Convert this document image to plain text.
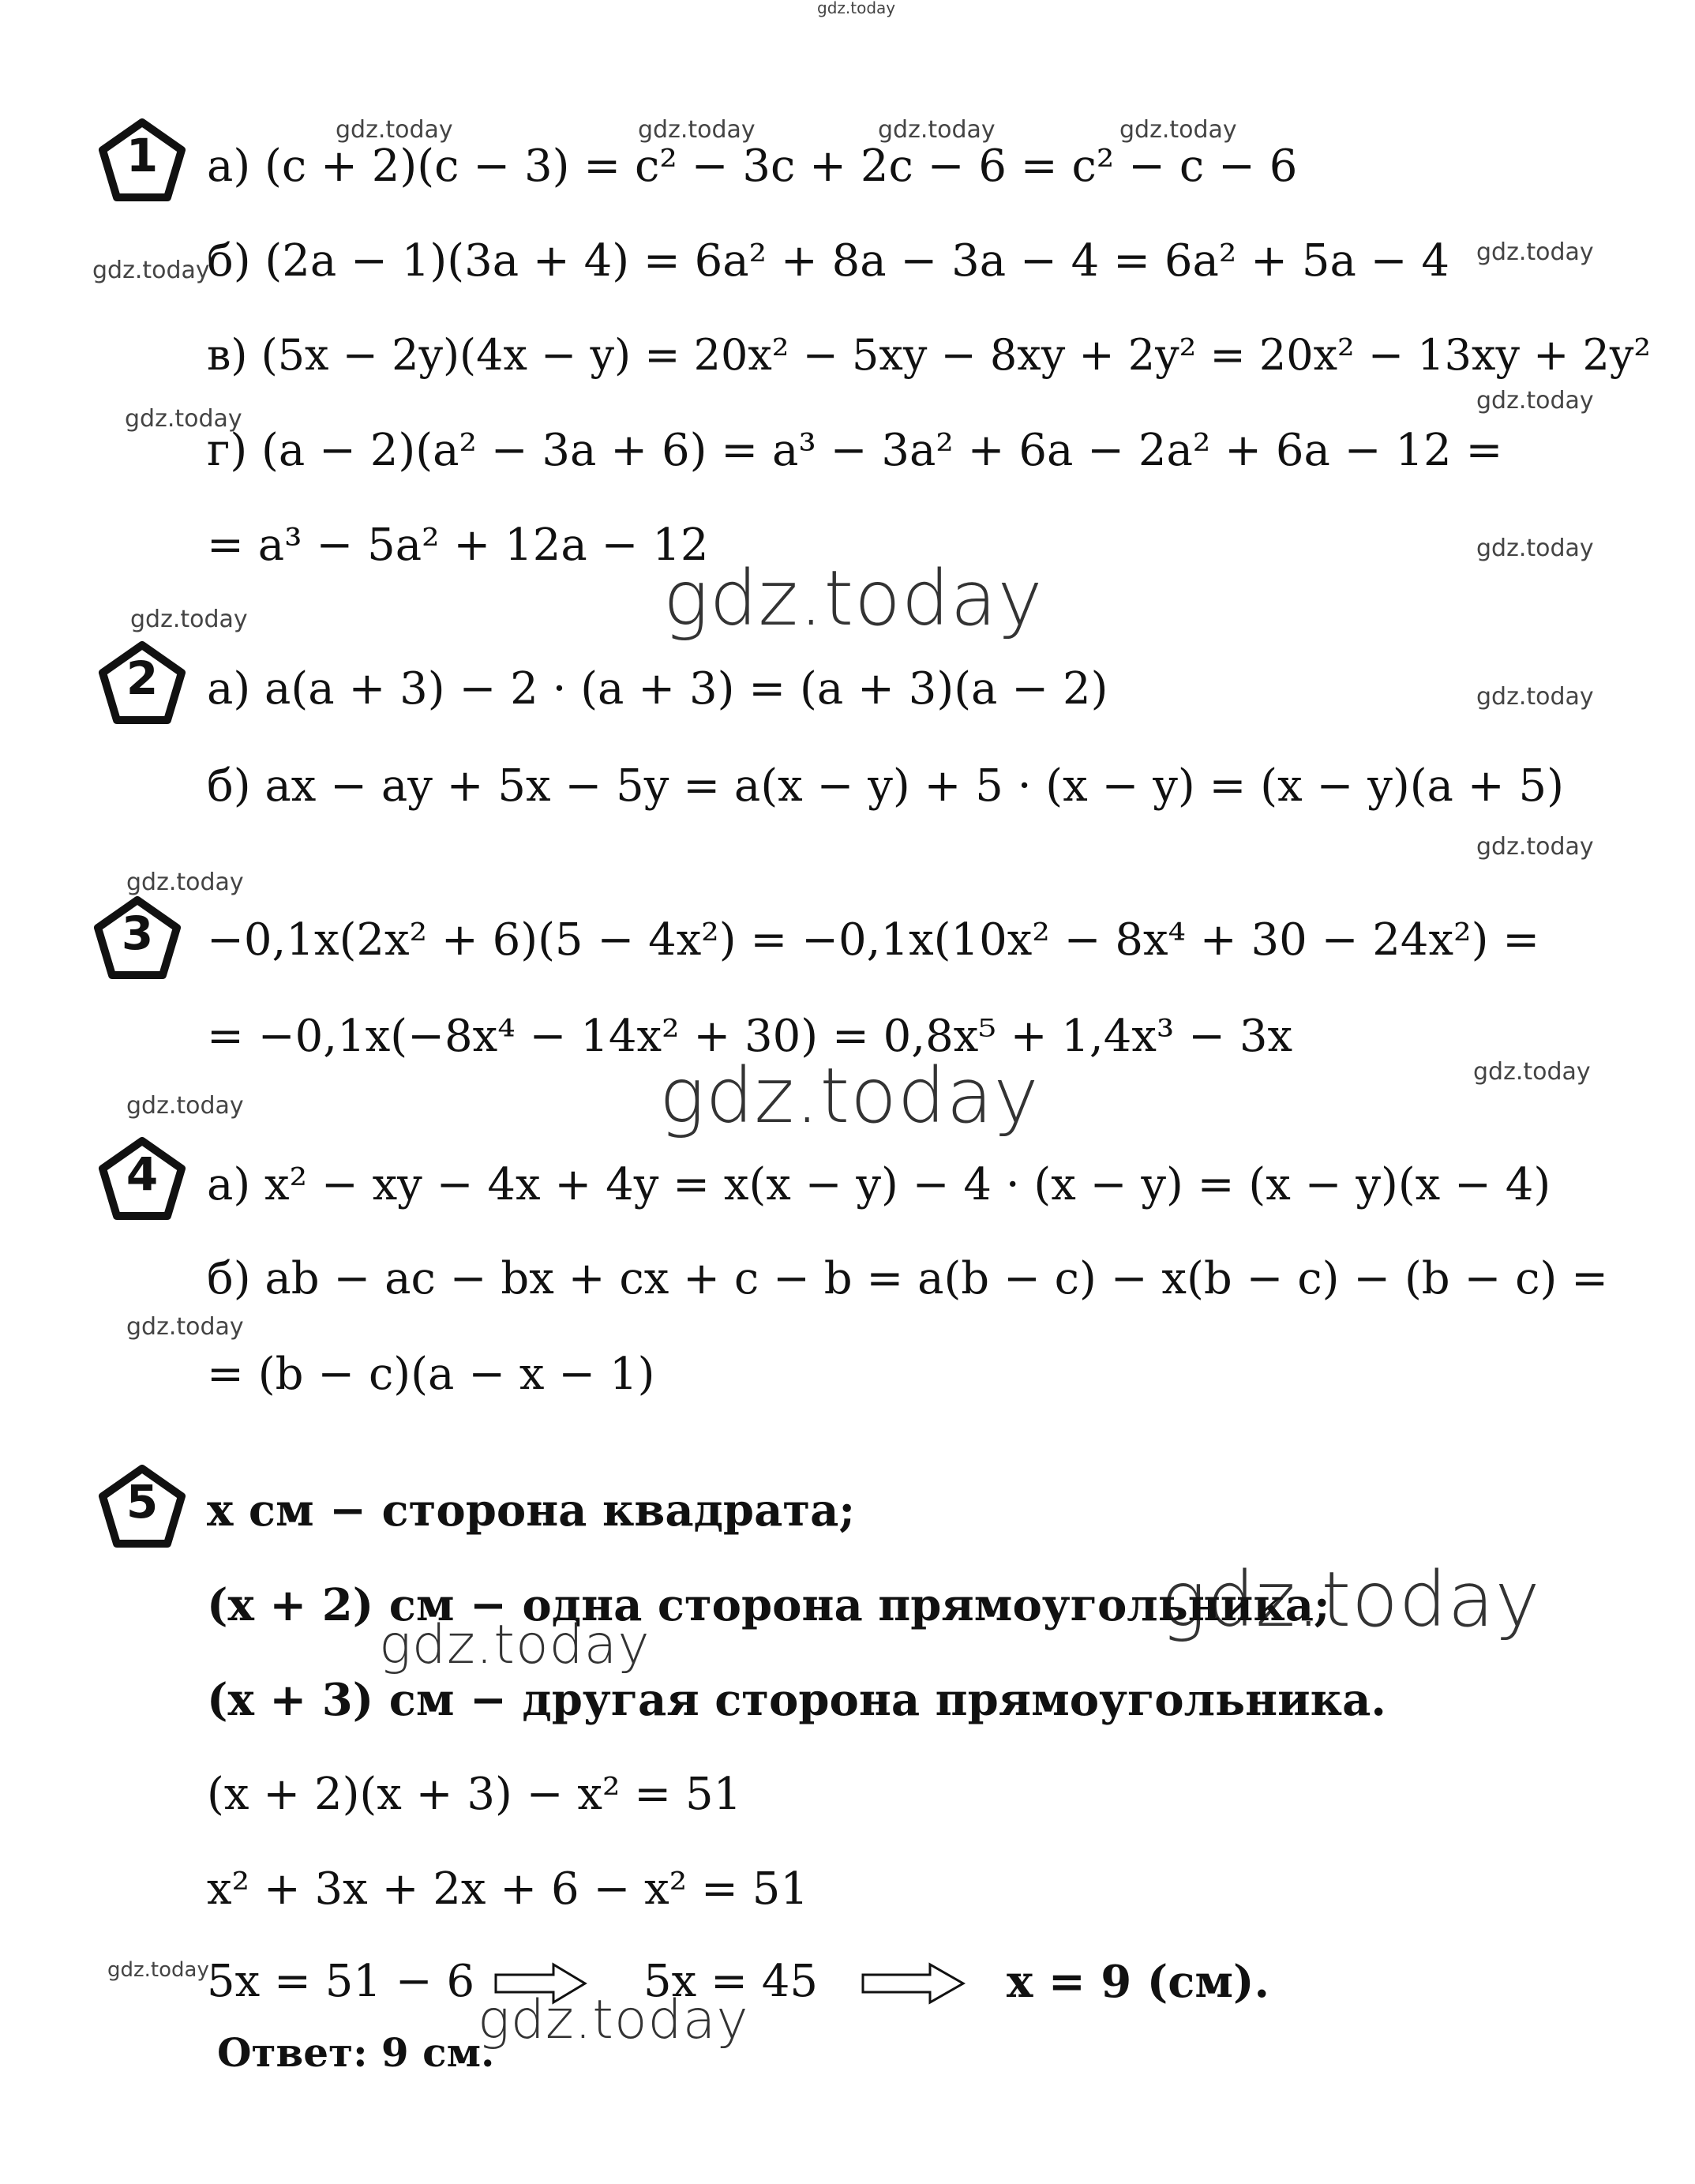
gdz.today
gdz.today	gdz.today	gdz.today	gdz.today
gdz.today
gdz.today
gdz.today
gdz.today
gdz.today
gdz.today
gdz.today
gdz.today
gdz.today
gdz.today
gdz.today
gdz.today
gdz.today
gdz.today
gdz.today
gdz.today
gdz.today
gdz.today
1	а) (c + 2)(c − 3) = c² − 3c + 2c − 6 = c² − c − 6
б) (2a − 1)(3a + 4) = 6a² + 8a − 3a − 4 = 6a² + 5a − 4
в) (5x − 2y)(4x − y) = 20x² − 5xy − 8xy + 2y² = 20x² − 13xy + 2y²
г) (a − 2)(a² − 3a + 6) = a³ − 3a² + 6a − 2a² + 6a − 12 =
= a³ − 5a² + 12a − 12
2	а) a(a + 3) − 2 · (a + 3) = (a + 3)(a − 2)
б) ax − ay + 5x − 5y = a(x − y) + 5 · (x − y) = (x − y)(a + 5)
3	−0,1x(2x² + 6)(5 − 4x²) = −0,1x(10x² − 8x⁴ + 30 − 24x²) =
= −0,1x(−8x⁴ − 14x² + 30) = 0,8x⁵ + 1,4x³ − 3x
4	а) x² − xy − 4x + 4y = x(x − y) − 4 · (x − y) = (x − y)(x − 4)
б) ab − ac − bx + cx + c − b = a(b − c) − x(b − c) − (b − c) =
= (b − c)(a − x − 1)
5	x см − сторона квадрата;
(x + 2) см − одна сторона прямоугольника;
(x + 3) см − другая сторона прямоугольника.
(x + 2)(x + 3) − x² = 51
x² + 3x + 2x + 6 − x² = 51
5x = 51 − 6	5x = 45	x = 9 (см).
Ответ: 9 см.
